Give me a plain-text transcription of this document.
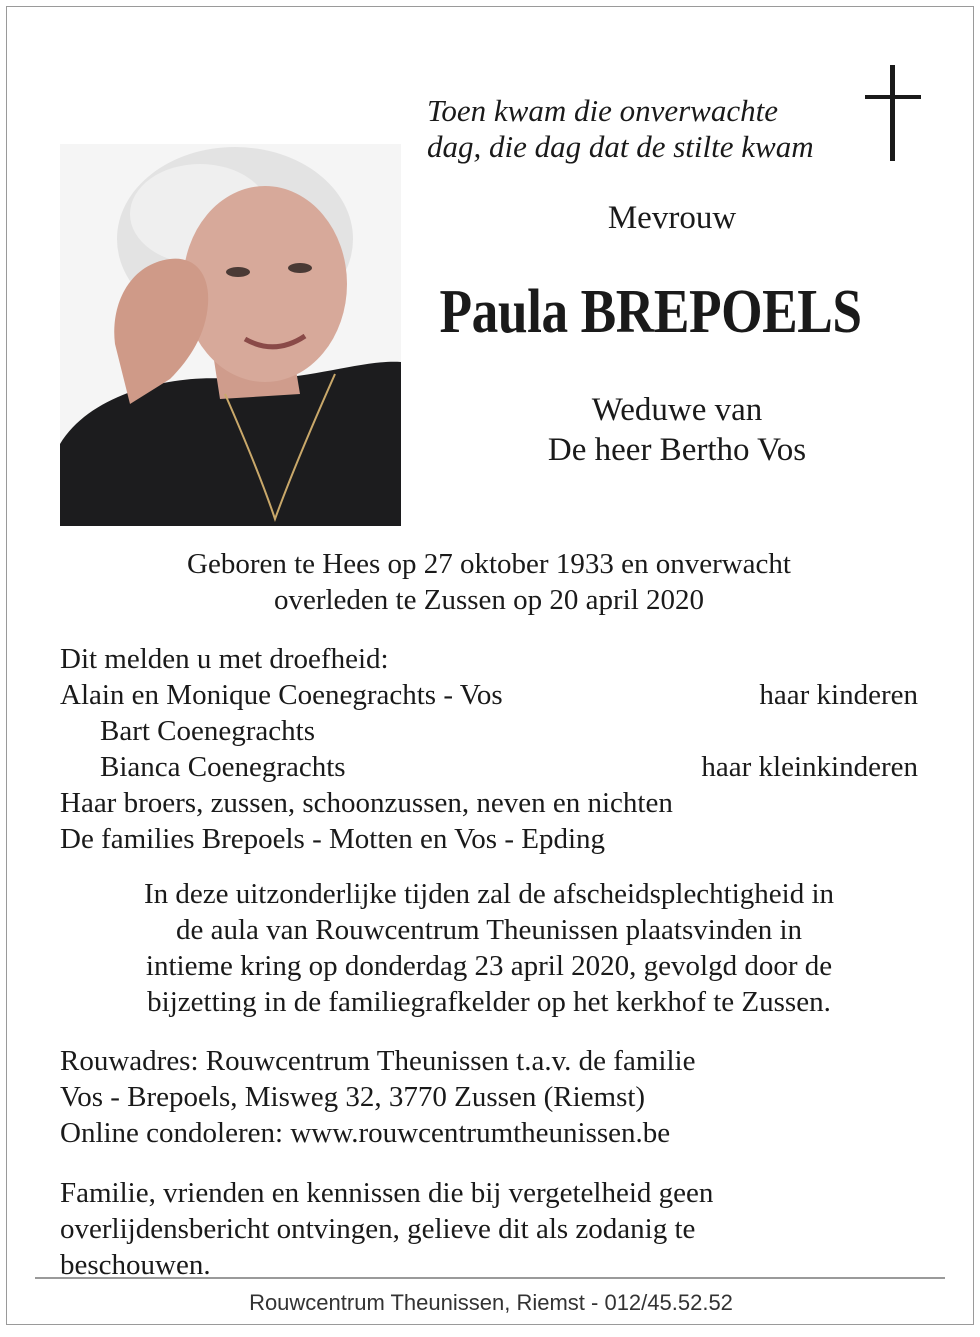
Toen kwam die onverwachte
dag, die dag dat de stilte kwam
Mevrouw
Paula BREPOELS
Weduwe van
De heer Bertho Vos
Geboren te Hees op 27 oktober 1933 en onverwacht
overleden te Zussen op 20 april 2020
Dit melden u met droefheid:
Alain en Monique Coenegrachts - Vos	haar kinderen
Bart Coenegrachts
Bianca Coenegrachts	haar kleinkinderen
Haar broers, zussen, schoonzussen, neven en nichten
De families Brepoels - Motten en Vos - Epding
In deze uitzonderlijke tijden zal de afscheidsplechtigheid in
de aula van Rouwcentrum Theunissen plaatsvinden in
intieme kring op donderdag 23 april 2020, gevolgd door de
bijzetting in de familiegrafkelder op het kerkhof te Zussen.
Rouwadres: Rouwcentrum Theunissen t.a.v. de familie
Vos - Brepoels, Misweg 32, 3770 Zussen (Riemst)
Online condoleren: www.rouwcentrumtheunissen.be
Familie, vrienden en kennissen die bij vergetelheid geen
overlijdensbericht ontvingen, gelieve dit als zodanig te
beschouwen.
Rouwcentrum Theunissen, Riemst - 012/45.52.52
